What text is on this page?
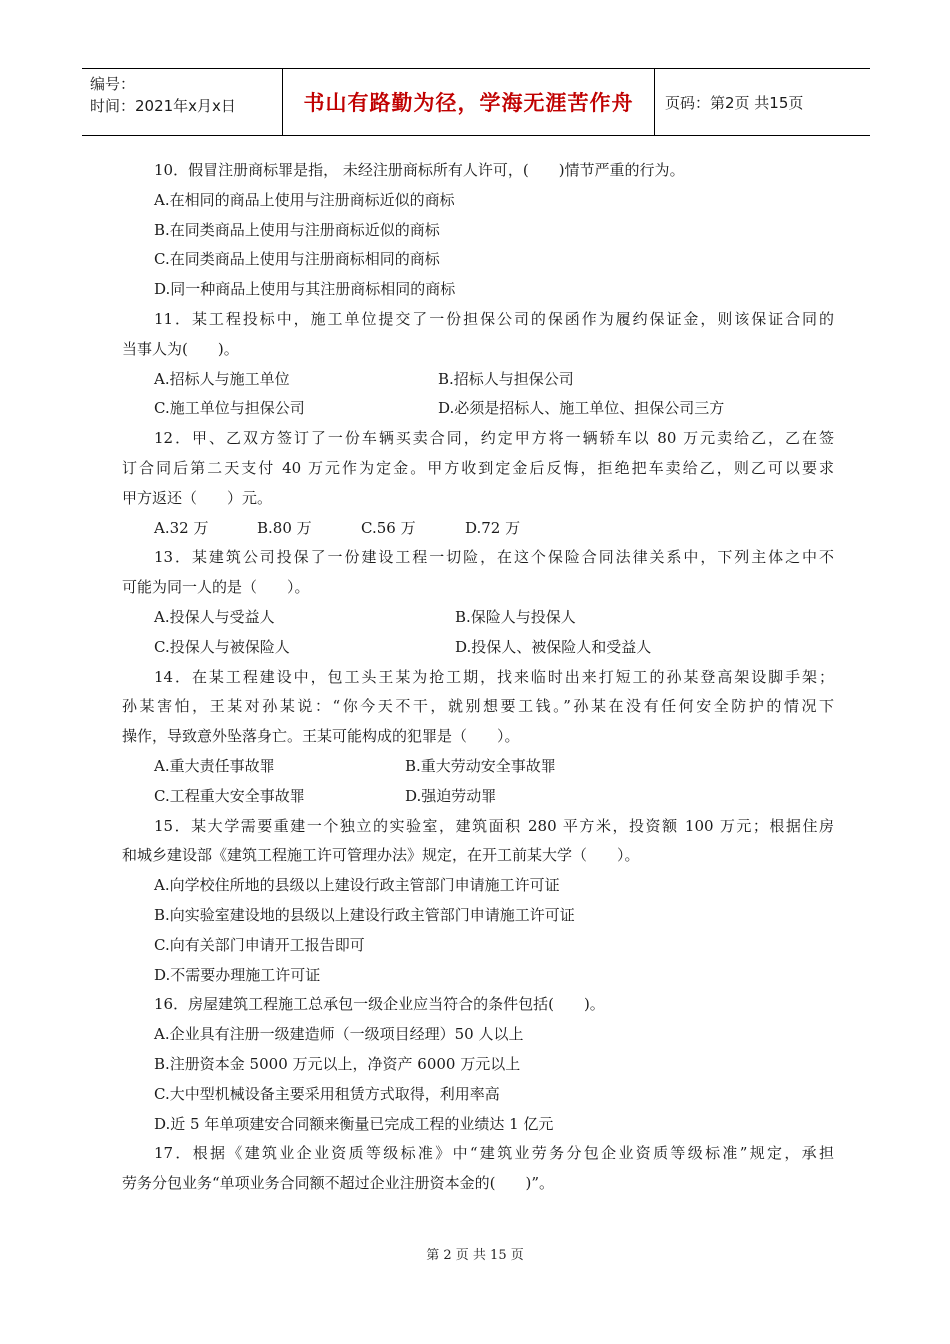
编号：
时间：2021年x月x日	书山有路勤为径，学海无涯苦作舟	页码：第2页 共15页
10．假冒注册商标罪是指， 未经注册商标所有人许可，(　　)情节严重的行为。
A.在相同的商品上使用与注册商标近似的商标
B.在同类商品上使用与注册商标近似的商标
C.在同类商品上使用与注册商标相同的商标
D.同一种商品上使用与其注册商标相同的商标
11．某工程投标中，施工单位提交了一份担保公司的保函作为履约保证金，则该保证合同的
当事人为(　　)。
A.招标人与施工单位	B.招标人与担保公司
C.施工单位与担保公司	D.必须是招标人、施工单位、担保公司三方
12．甲、乙双方签订了一份车辆买卖合同，约定甲方将一辆轿车以 80 万元卖给乙，乙在签
订合同后第二天支付 40 万元作为定金。甲方收到定金后反悔，拒绝把车卖给乙，则乙可以要求
甲方返还（　　）元。
A.32 万	B.80 万	C.56 万	D.72 万
13．某建筑公司投保了一份建设工程一切险，在这个保险合同法律关系中，下列主体之中不
可能为同一人的是（　　）。
A.投保人与受益人	B.保险人与投保人
C.投保人与被保险人	D.投保人、被保险人和受益人
14．在某工程建设中，包工头王某为抢工期，找来临时出来打短工的孙某登高架设脚手架；
孙某害怕，王某对孙某说：“你今天不干，就别想要工钱。”孙某在没有任何安全防护的情况下
操作，导致意外坠落身亡。王某可能构成的犯罪是（　　）。
A.重大责任事故罪	B.重大劳动安全事故罪
C.工程重大安全事故罪	D.强迫劳动罪
15．某大学需要重建一个独立的实验室，建筑面积 280 平方米，投资额 100 万元；根据住房
和城乡建设部《建筑工程施工许可管理办法》规定，在开工前某大学（　　）。
A.向学校住所地的县级以上建设行政主管部门申请施工许可证
B.向实验室建设地的县级以上建设行政主管部门申请施工许可证
C.向有关部门申请开工报告即可
D.不需要办理施工许可证
16．房屋建筑工程施工总承包一级企业应当符合的条件包括(　　)。
A.企业具有注册一级建造师（一级项目经理）50 人以上
B.注册资本金 5000 万元以上，净资产 6000 万元以上
C.大中型机械设备主要采用租赁方式取得，利用率高
D.近 5 年单项建安合同额来衡量已完成工程的业绩达 1 亿元
17．根据《建筑业企业资质等级标准》中“建筑业劳务分包企业资质等级标准”规定，承担
劳务分包业务“单项业务合同额不超过企业注册资本金的(　　)”。
第 2 页 共 15 页
